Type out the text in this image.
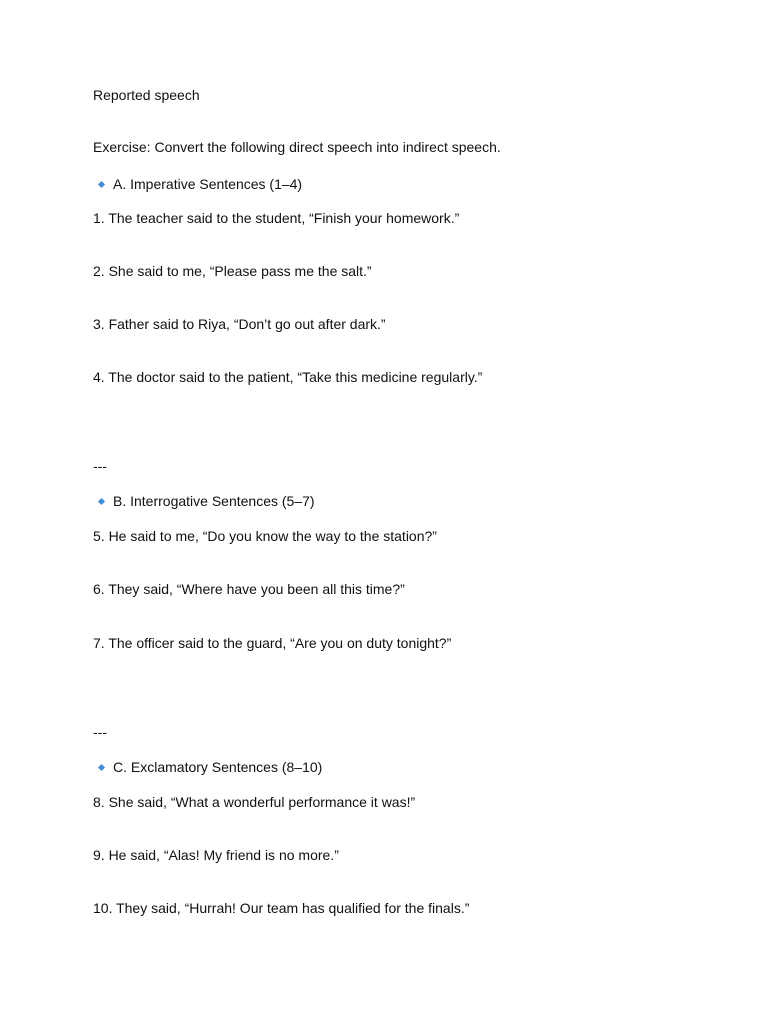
Reported speech
Exercise: Convert the following direct speech into indirect speech.
A. Imperative Sentences (1–4)
1. The teacher said to the student, “Finish your homework.”
2. She said to me, “Please pass me the salt.”
3. Father said to Riya, “Don’t go out after dark.”
4. The doctor said to the patient, “Take this medicine regularly.”
---
B. Interrogative Sentences (5–7)
5. He said to me, “Do you know the way to the station?”
6. They said, “Where have you been all this time?”
7. The officer said to the guard, “Are you on duty tonight?”
---
C. Exclamatory Sentences (8–10)
8. She said, “What a wonderful performance it was!”
9. He said, “Alas! My friend is no more.”
10. They said, “Hurrah! Our team has qualified for the finals.”
